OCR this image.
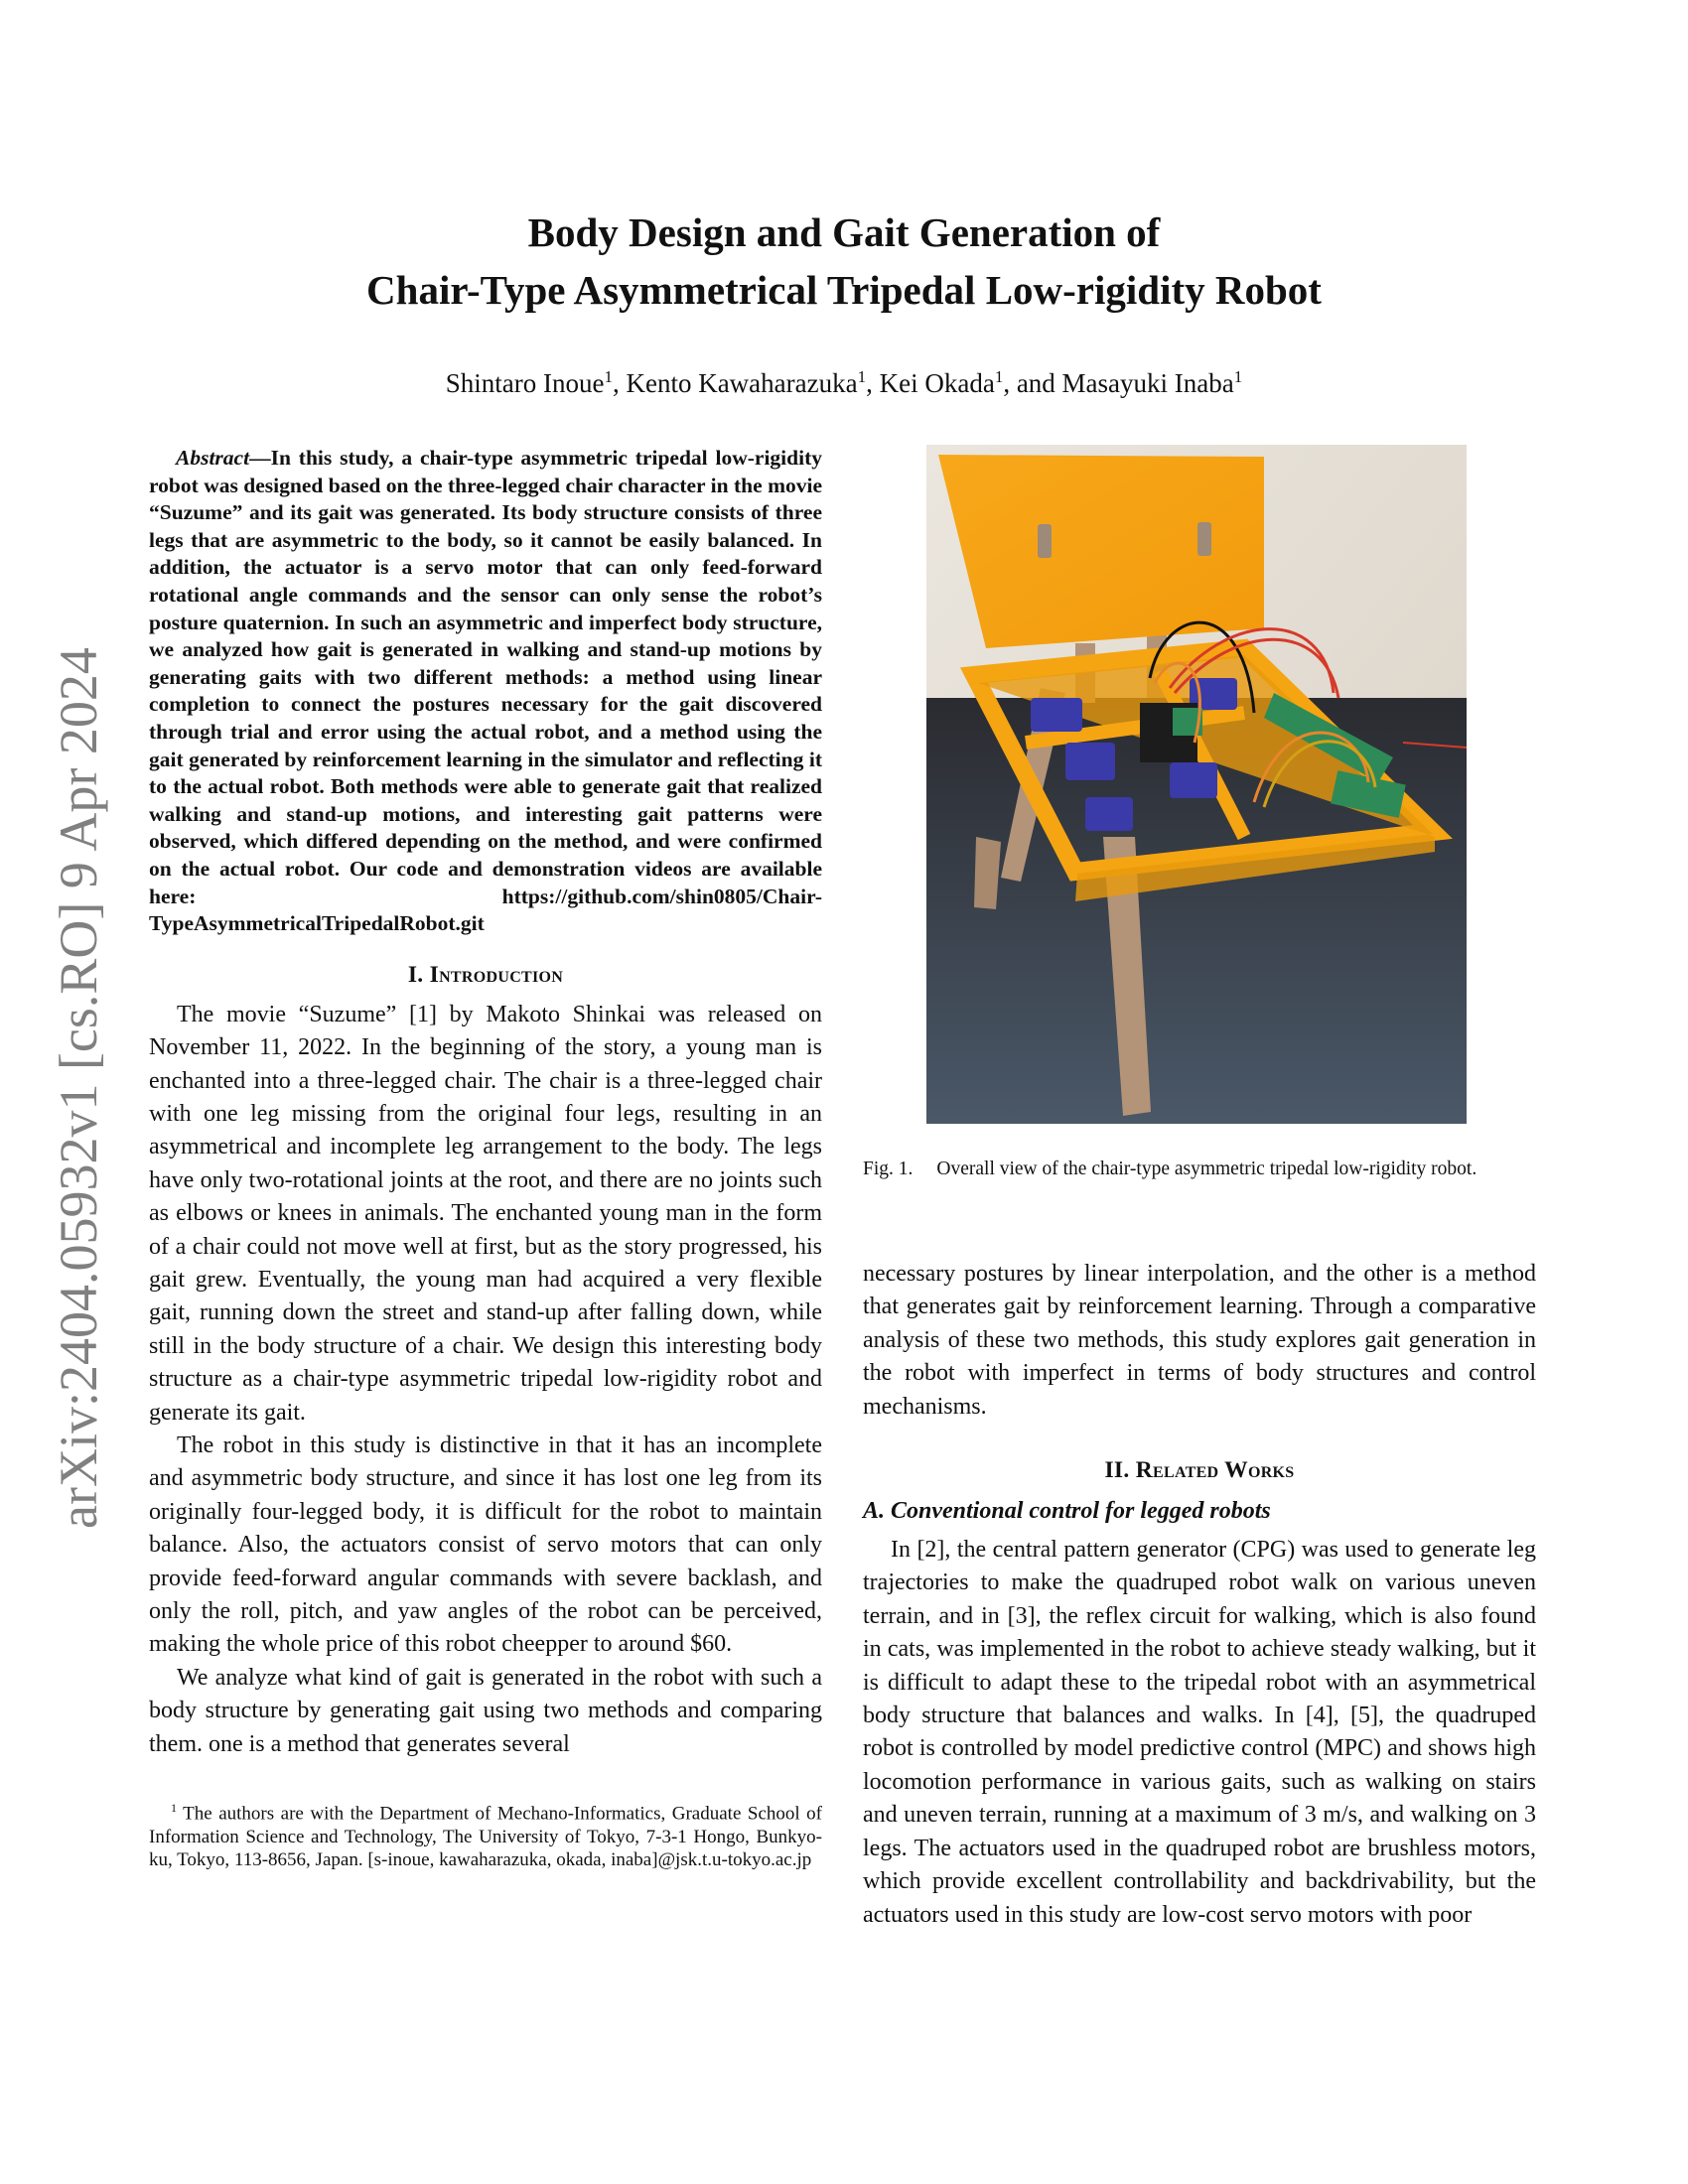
arXiv:2404.05932v1 [cs.RO] 9 Apr 2024
Body Design and Gait Generation of
Chair-Type Asymmetrical Tripedal Low-rigidity Robot
Shintaro Inoue$^1$, Kento Kawaharazuka$^1$, Kei Okada$^1$, and Masayuki Inaba$^1$

Abstract—In this study, a chair-type asymmetric tripedal low-rigidity robot was designed based on the three-legged chair character in the movie “Suzume” and its gait was generated. Its body structure consists of three legs that are asymmetric to the body, so it cannot be easily balanced. In addition, the actuator is a servo motor that can only feed-forward rotational angle commands and the sensor can only sense the robot’s posture quaternion. In such an asymmetric and imperfect body structure, we analyzed how gait is generated in walking and stand-up motions by generating gaits with two different methods: a method using linear completion to connect the postures necessary for the gait discovered through trial and error using the actual robot, and a method using the gait generated by reinforcement learning in the simulator and reflecting it to the actual robot. Both methods were able to generate gait that realized walking and stand-up motions, and interesting gait patterns were observed, which differed depending on the method, and were confirmed on the actual robot. Our code and demonstration videos are available here: https://github.com/shin0805/Chair-TypeAsymmetricalTripedalRobot.git

I. Introduction

The movie “Suzume” [1] by Makoto Shinkai was released on November 11, 2022. In the beginning of the story, a young man is enchanted into a three-legged chair. The chair is a three-legged chair with one leg missing from the original four legs, resulting in an asymmetrical and incomplete leg arrangement to the body. The legs have only two-rotational joints at the root, and there are no joints such as elbows or knees in animals. The enchanted young man in the form of a chair could not move well at first, but as the story progressed, his gait grew. Eventually, the young man had acquired a very flexible gait, running down the street and stand-up after falling down, while still in the body structure of a chair. We design this interesting body structure as a chair-type asymmetric tripedal low-rigidity robot and generate its gait.

The robot in this study is distinctive in that it has an incomplete and asymmetric body structure, and since it has lost one leg from its originally four-legged body, it is difficult for the robot to maintain balance. Also, the actuators consist of servo motors that can only provide feed-forward angular commands with severe backlash, and only the roll, pitch, and yaw angles of the robot can be perceived, making the whole price of this robot cheepper to around $60.

We analyze what kind of gait is generated in the robot with such a body structure by generating gait using two methods and comparing them. one is a method that generates several

$^1$ The authors are with the Department of Mechano-Informatics, Graduate School of Information Science and Technology, The University of Tokyo, 7-3-1 Hongo, Bunkyo-ku, Tokyo, 113-8656, Japan. [s-inoue, kawaharazuka, okada, inaba]@jsk.t.u-tokyo.ac.jp

Fig. 1. Overall view of the chair-type asymmetric tripedal low-rigidity robot.

necessary postures by linear interpolation, and the other is a method that generates gait by reinforcement learning. Through a comparative analysis of these two methods, this study explores gait generation in the robot with imperfect in terms of body structures and control mechanisms.

II. Related Works
A. Conventional control for legged robots

In [2], the central pattern generator (CPG) was used to generate leg trajectories to make the quadruped robot walk on various uneven terrain, and in [3], the reflex circuit for walking, which is also found in cats, was implemented in the robot to achieve steady walking, but it is difficult to adapt these to the tripedal robot with an asymmetrical body structure that balances and walks. In [4], [5], the quadruped robot is controlled by model predictive control (MPC) and shows high locomotion performance in various gaits, such as walking on stairs and uneven terrain, running at a maximum of 3 m/s, and walking on 3 legs. The actuators used in the quadruped robot are brushless motors, which provide excellent controllability and backdrivability, but the actuators used in this study are low-cost servo motors with poor
